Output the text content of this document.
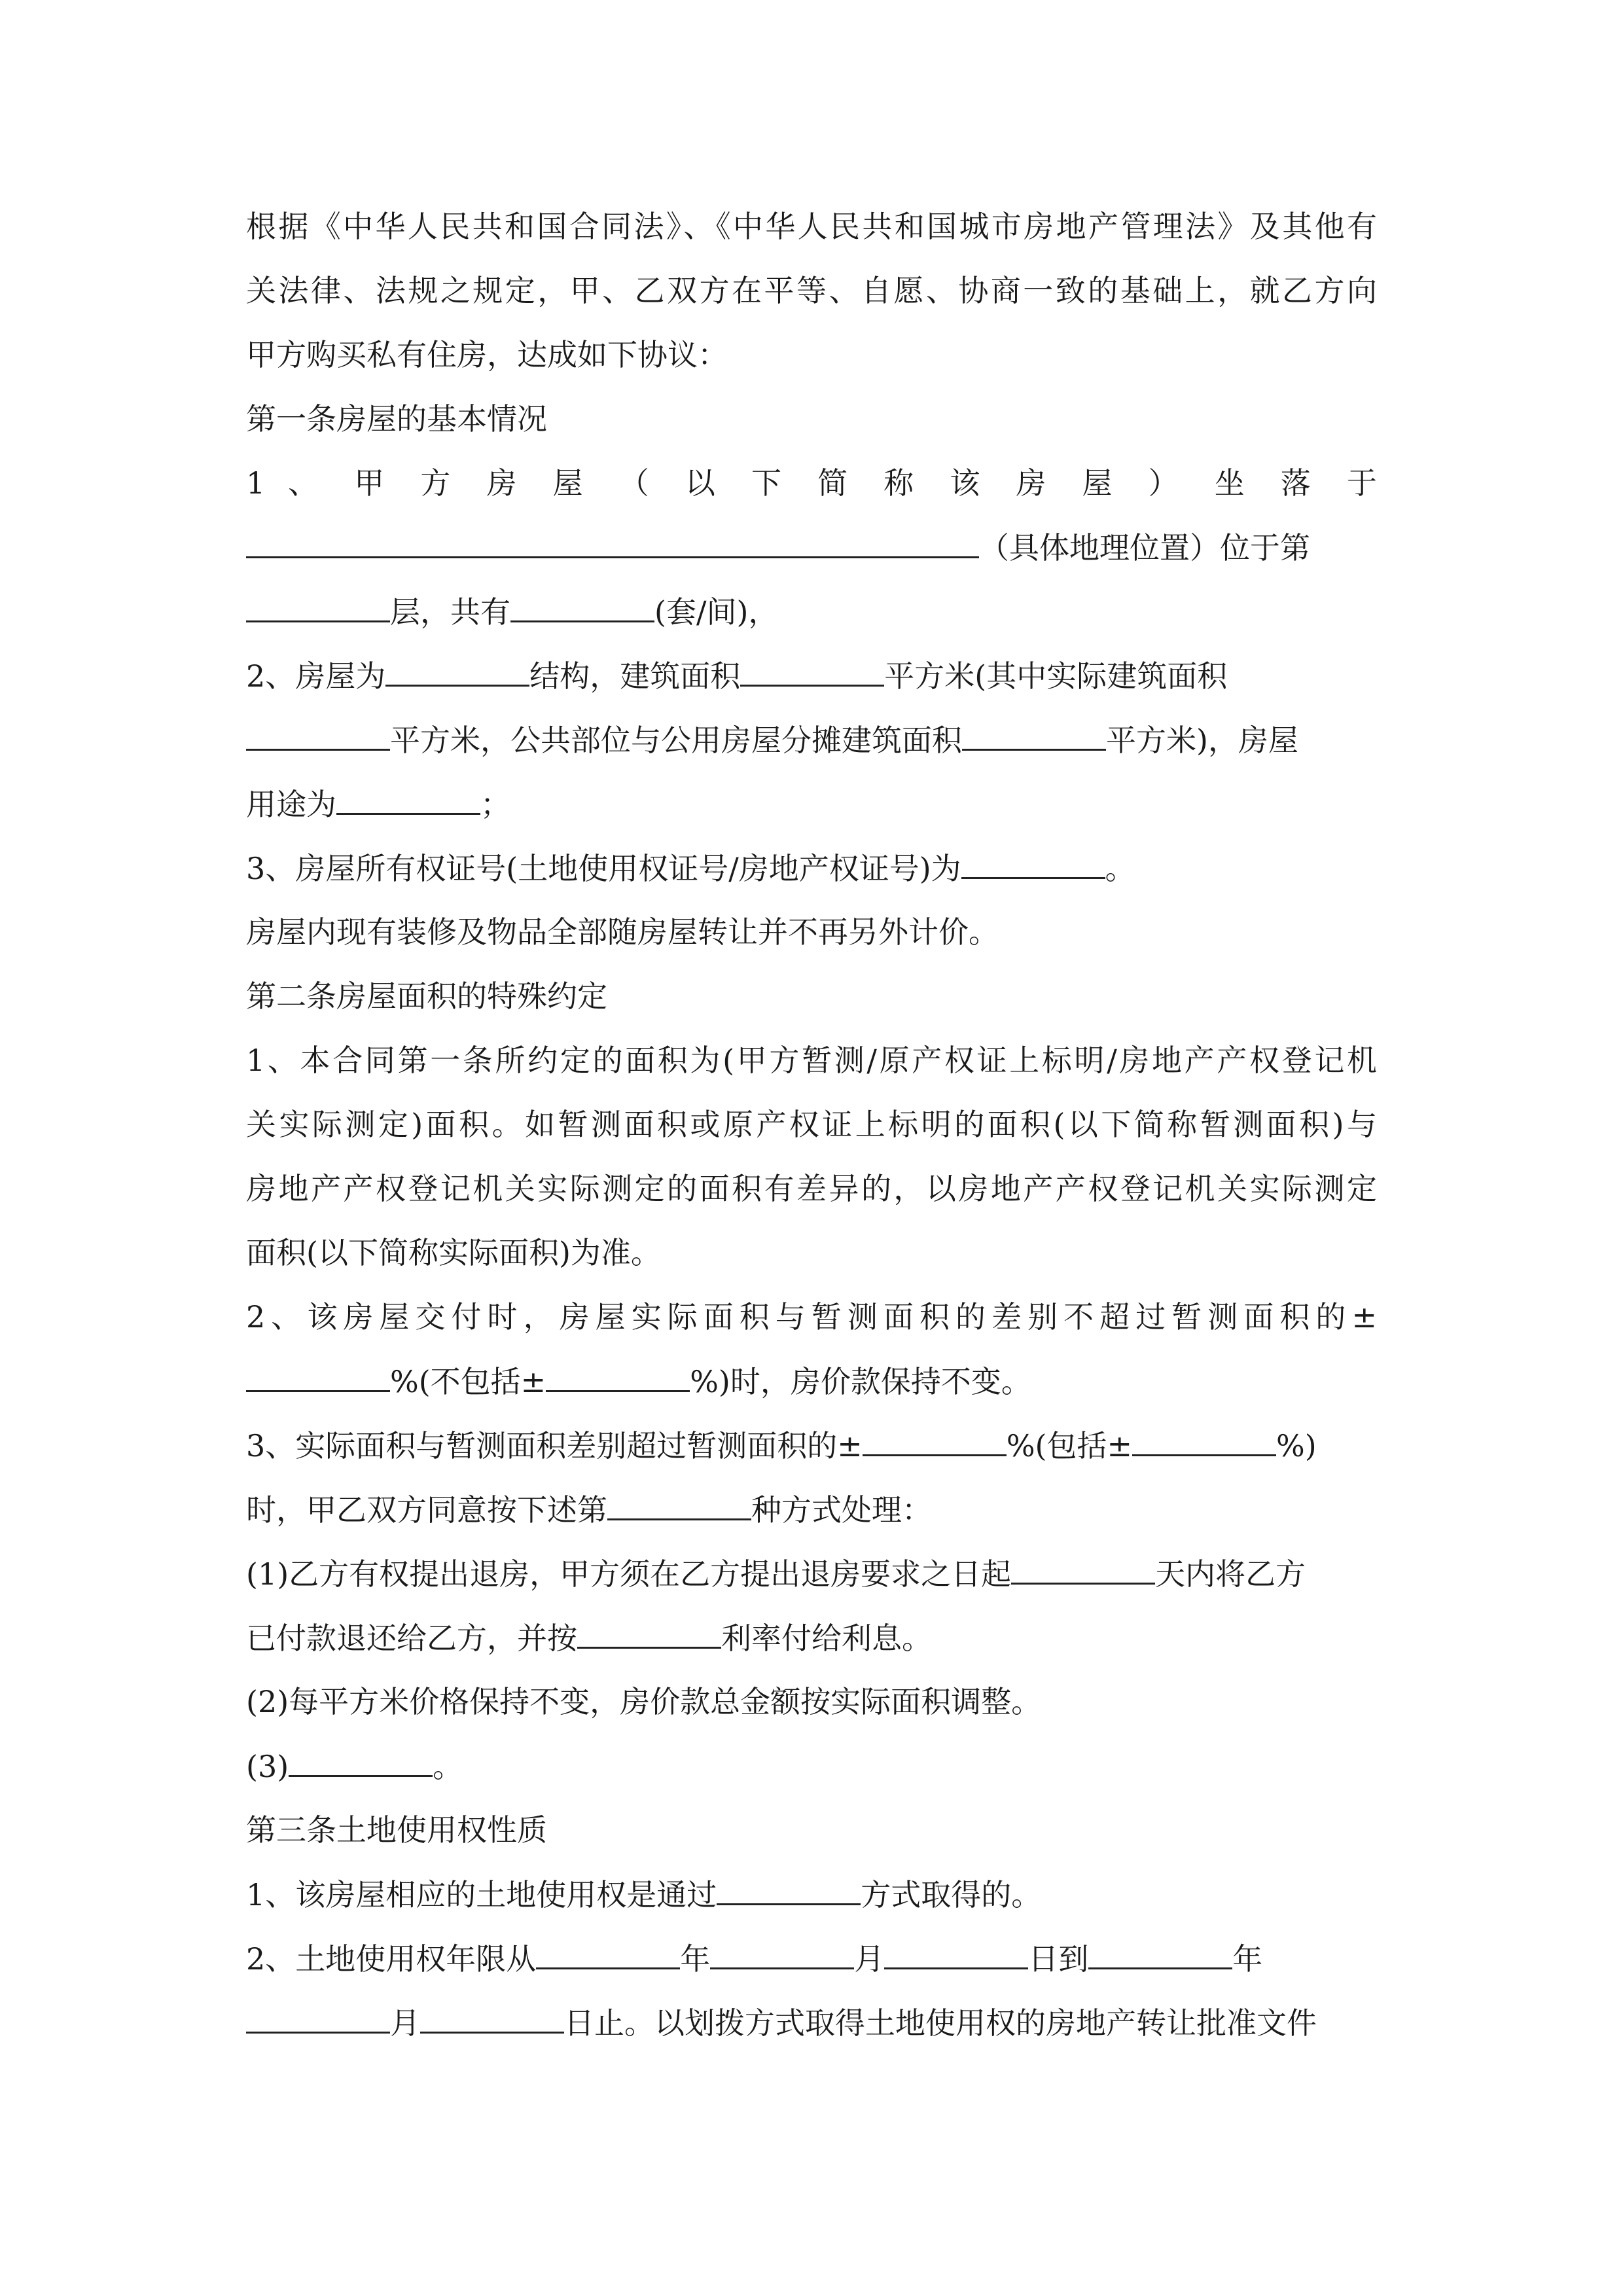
根据《中华人民共和国合同法》、《中华人民共和国城市房地产管理法》及其他有
关法律、法规之规定，甲、乙双方在平等、自愿、协商一致的基础上，就乙方向
甲方购买私有住房，达成如下协议：
第一条房屋的基本情况
1 、 甲 方 房 屋 （ 以 下 简 称 该 房 屋 ） 坐 落 于
（具体地理位置）位于第
层，共有	(套/间)，
2、房屋为	结构，建筑面积	平方米(其中实际建筑面积
平方米，公共部位与公用房屋分摊建筑面积	平方米)，房屋
用途为	；
3、房屋所有权证号(土地使用权证号/房地产权证号)为	。
房屋内现有装修及物品全部随房屋转让并不再另外计价。
第二条房屋面积的特殊约定
1、本合同第一条所约定的面积为(甲方暂测/原产权证上标明/房地产产权登记机
关实际测定)面积。如暂测面积或原产权证上标明的面积(以下简称暂测面积)与
房地产产权登记机关实际测定的面积有差异的，以房地产产权登记机关实际测定
面积(以下简称实际面积)为准。
2、该房屋交付时，房屋实际面积与暂测面积的差别不超过暂测面积的±
%(不包括±	%)时，房价款保持不变。
3、实际面积与暂测面积差别超过暂测面积的±	%(包括±	%)
时，甲乙双方同意按下述第	种方式处理：
(1)乙方有权提出退房，甲方须在乙方提出退房要求之日起	天内将乙方
已付款退还给乙方，并按	利率付给利息。
(2)每平方米价格保持不变，房价款总金额按实际面积调整。
(3)	。
第三条土地使用权性质
1、该房屋相应的土地使用权是通过	方式取得的。
2、土地使用权年限从	年	月	日到	年
月	日止。以划拨方式取得土地使用权的房地产转让批准文件
